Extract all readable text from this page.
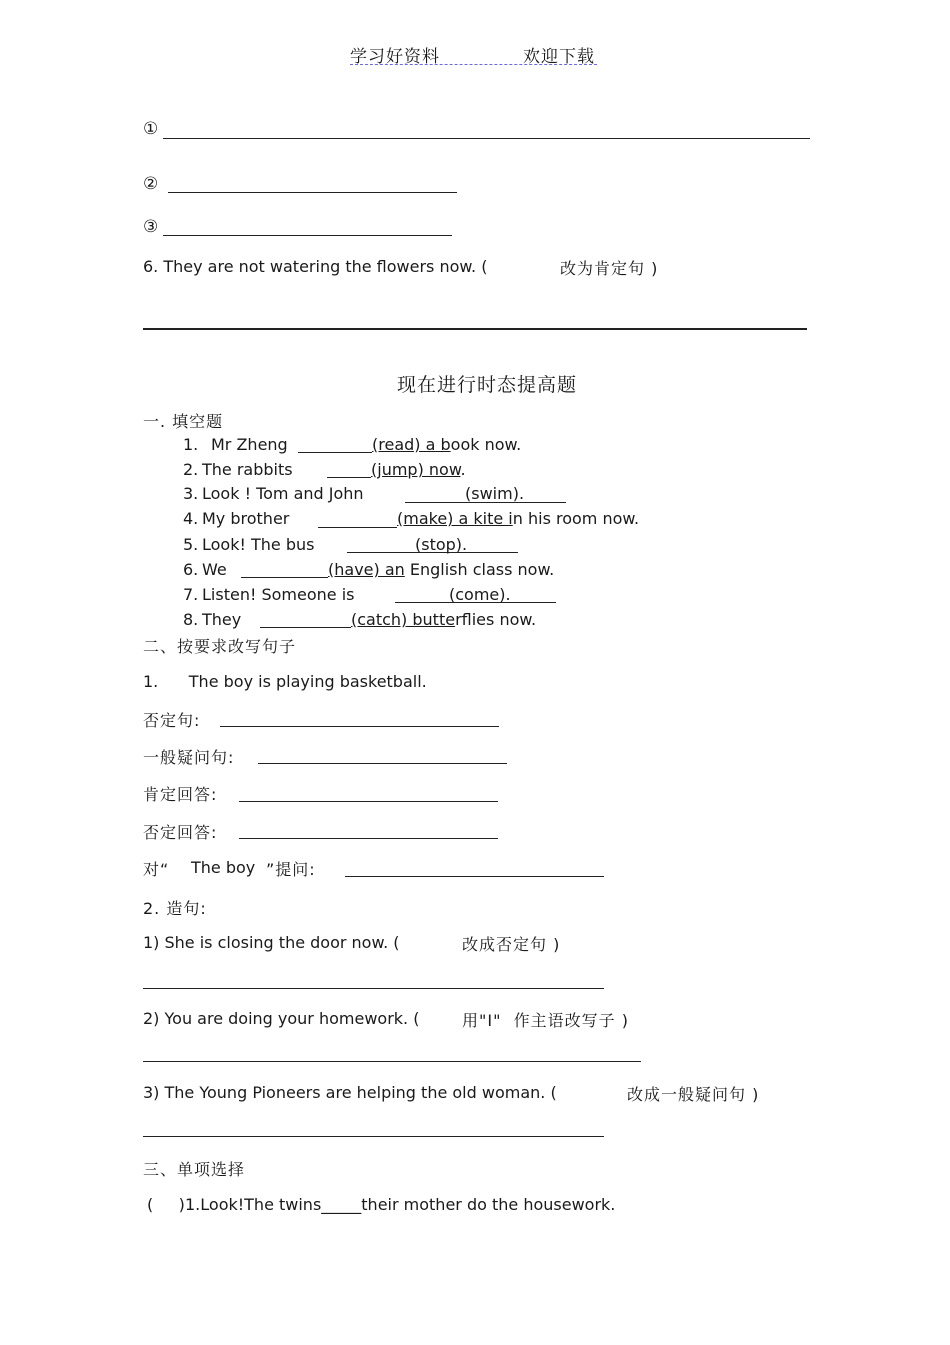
学习好资料	欢迎下载
①
②
③
6. They are not watering the flowers now. (	改为肯定句 )
现在进行时态提高题
一. 填空题
1. Mr Zheng	(read) a book now.
2. The rabbits	(jump) now.
3. Look ! Tom and John	(swim).
4. My brother	(make) a kite in his room now.
5. Look! The bus	(stop).
6. We	(have) an English class now.
7. Listen! Someone is	(come).
8. They	(catch) butterflies now.
二、按要求改写句子
1.      The boy is playing basketball.
否定句:
一般疑问句:
肯定回答:
否定回答:
对“ The boy ”提问:
2. 造句:
1) She is closing the door now. (	改成否定句 )
2) You are doing your homework. (	用"I"  作主语改写子 )
3) The Young Pioneers are helping the old woman. (	改成一般疑问句 )
三、单项选择
(     ) 1.Look!The twins_____their mother do the housework.
